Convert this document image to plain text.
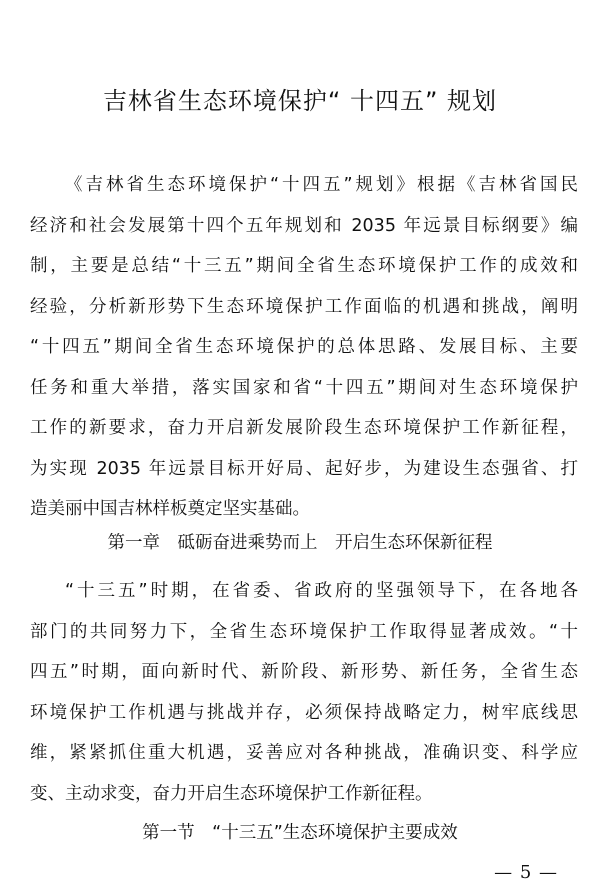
吉林省生态环境保护“ 十四五” 规划

《吉林省生态环境保护“十四五”规划》根据《吉林省国民
经济和社会发展第十四个五年规划和 2035 年远景目标纲要》编
制，主要是总结“十三五”期间全省生态环境保护工作的成效和
经验，分析新形势下生态环境保护工作面临的机遇和挑战，阐明
“十四五”期间全省生态环境保护的总体思路、发展目标、主要
任务和重大举措，落实国家和省“十四五”期间对生态环境保护
工作的新要求，奋力开启新发展阶段生态环境保护工作新征程，
为实现 2035 年远景目标开好局、起好步，为建设生态强省、打
造美丽中国吉林样板奠定坚实基础。

第一章　砥砺奋进乘势而上　开启生态环保新征程

“十三五”时期，在省委、省政府的坚强领导下，在各地各
部门的共同努力下，全省生态环境保护工作取得显著成效。“十
四五”时期，面向新时代、新阶段、新形势、新任务，全省生态
环境保护工作机遇与挑战并存，必须保持战略定力，树牢底线思
维，紧紧抓住重大机遇，妥善应对各种挑战，准确识变、科学应
变、主动求变，奋力开启生态环境保护工作新征程。

第一节　“十三五”生态环境保护主要成效
— 5 —
